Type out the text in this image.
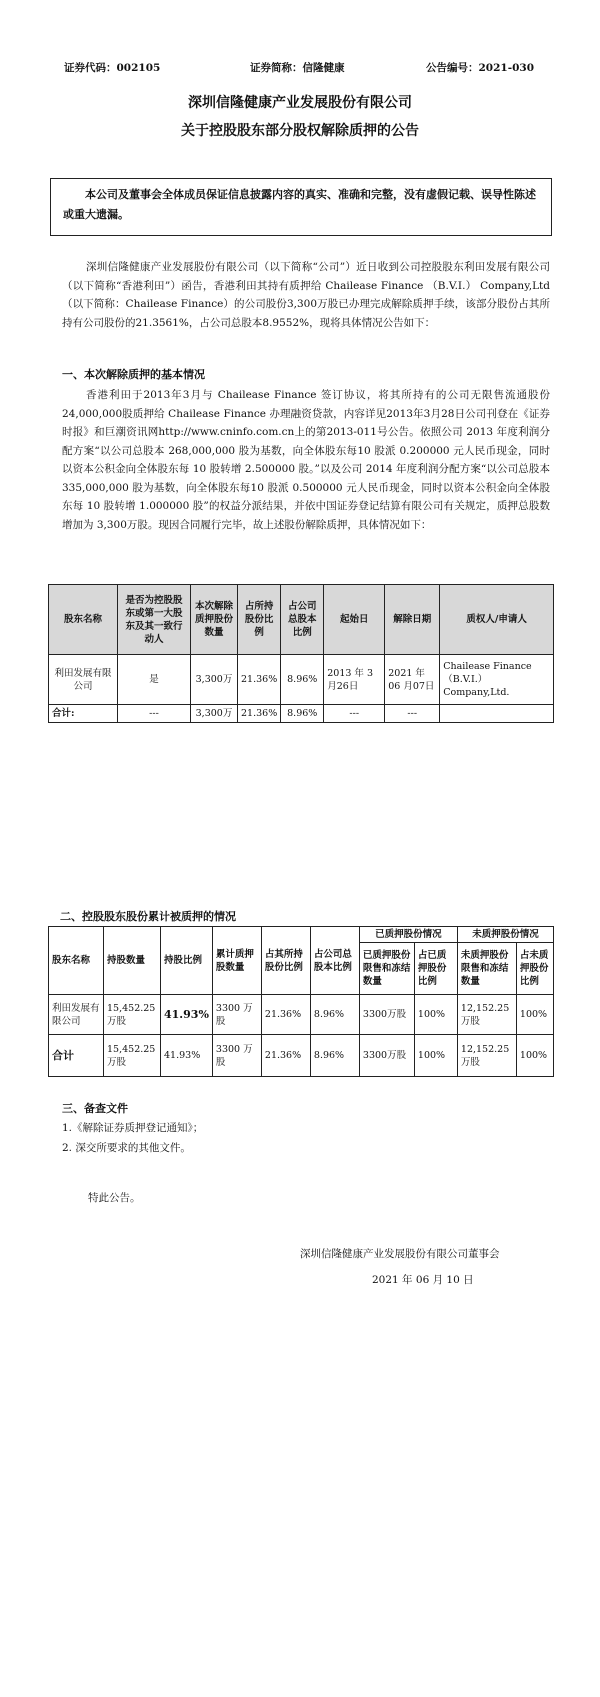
证券代码：002105	证券简称：信隆健康	公告编号：2021-030
深圳信隆健康产业发展股份有限公司
关于控股股东部分股权解除质押的公告
本公司及董事会全体成员保证信息披露内容的真实、准确和完整，没有虚假记载、误导性陈述或重大遗漏。
深圳信隆健康产业发展股份有限公司（以下简称“公司”）近日收到公司控股股东利田发展有限公司（以下简称“香港利田”）函告，香港利田其持有质押给 Chailease Finance （B.V.I.） Company,Ltd（以下简称：Chailease Finance）的公司股份3,300万股已办理完成解除质押手续，该部分股份占其所持有公司股份的21.3561%，占公司总股本8.9552%，现将具体情况公告如下：
一、本次解除质押的基本情况
香港利田于2013年3月与 Chailease Finance 签订协议，将其所持有的公司无限售流通股份24,000,000股质押给 Chailease Finance 办理融资贷款，内容详见2013年3月28日公司刊登在《证券时报》和巨潮资讯网http://www.cninfo.com.cn上的第2013-011号公告。依照公司 2013 年度利润分配方案“以公司总股本 268,000,000 股为基数，向全体股东每10 股派 0.200000 元人民币现金，同时以资本公积金向全体股东每 10 股转增 2.500000 股。”以及公司 2014 年度利润分配方案“以公司总股本 335,000,000 股为基数，向全体股东每10 股派 0.500000 元人民币现金，同时以资本公积金向全体股东每 10 股转增 1.000000 股”的权益分派结果，并依中国证券登记结算有限公司有关规定，质押总股数增加为 3,300万股。现因合同履行完毕，故上述股份解除质押，具体情况如下：
股东名称	是否为控股股东或第一大股东及其一致行动人	本次解除质押股份数量	占所持股份比例	占公司总股本比例	起始日	解除日期	质权人/申请人
利田发展有限公司	是	3,300万	21.36%	8.96%	2013 年 3 月26日	2021 年 06 月07日	Chailease Finance （B.V.I.） Company,Ltd.
合计:	---	3,300万	21.36%	8.96%	---	---	
二、控股股东股份累计被质押的情况
股东名称	持股数量	持股比例	累计质押股数量	占其所持股份比例	占公司总股本比例	已质押股份情况		未质押股份情况	
						已质押股份限售和冻结数量	占已质押股份比例	未质押股份限售和冻结数量	占未质押股份比例
利田发展有限公司	15,452.25万股	41.93%	3300 万股	21.36%	8.96%	3300万股	100%	12,152.25万股	100%
合计	15,452.25万股	41.93%	3300 万股	21.36%	8.96%	3300万股	100%	12,152.25万股	100%
三、备查文件
1.《解除证券质押登记通知》；
2. 深交所要求的其他文件。
特此公告。
深圳信隆健康产业发展股份有限公司董事会
2021 年 06 月 10 日
